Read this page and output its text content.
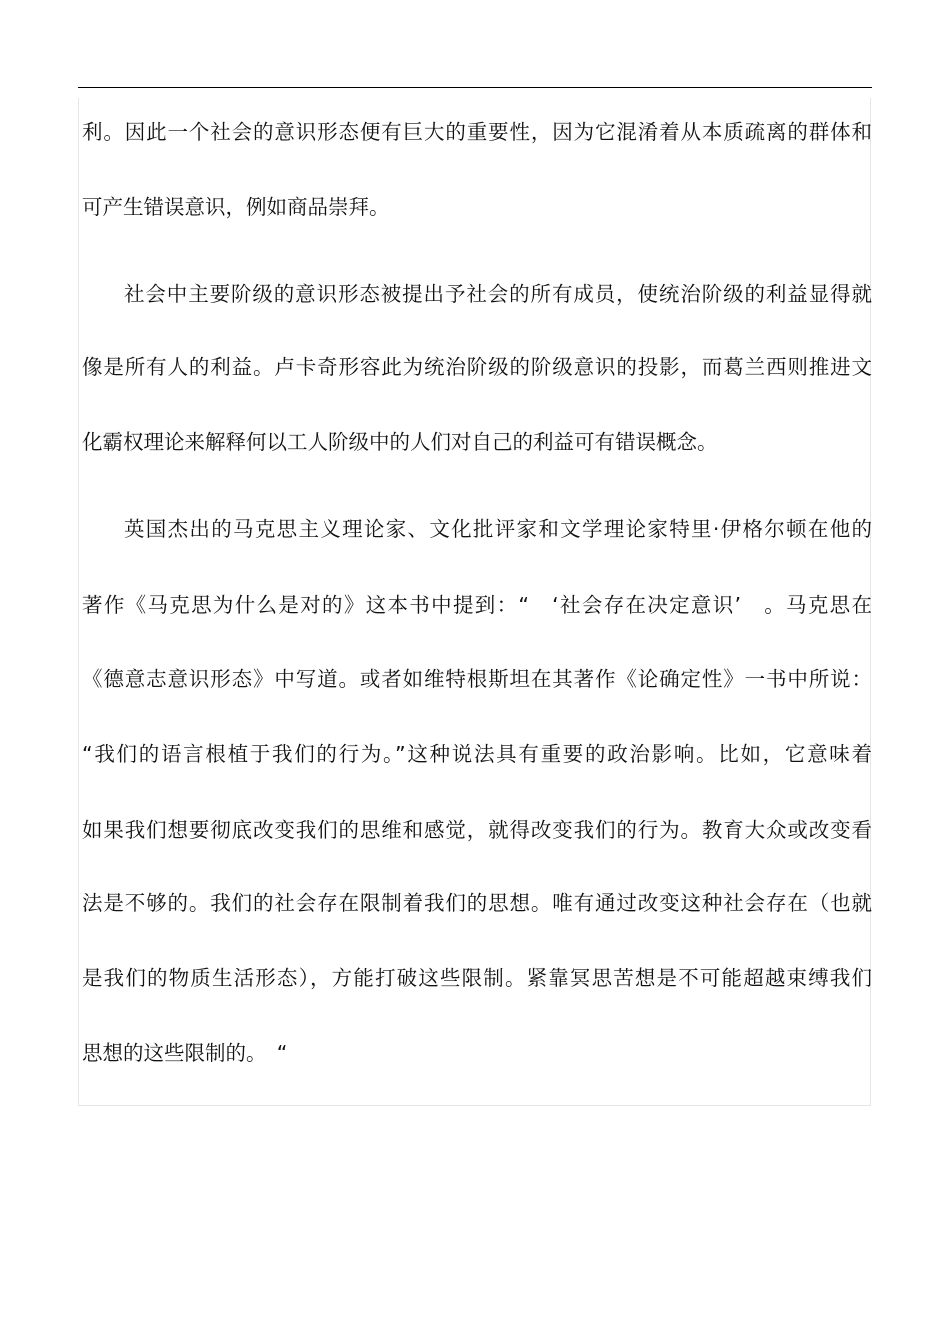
利。因此一个社会的意识形态便有巨大的重要性，因为它混淆着从本质疏离的群体和
可产生错误意识，例如商品崇拜。
社会中主要阶级的意识形态被提出予社会的所有成员，使统治阶级的利益显得就
像是所有人的利益。卢卡奇形容此为统治阶级的阶级意识的投影，而葛兰西则推进文
化霸权理论来解释何以工人阶级中的人们对自己的利益可有错误概念。
英国杰出的马克思主义理论家、文化批评家和文学理论家特里·伊格尔顿在他的
著作《马克思为什么是对的》这本书中提到：“　‘社会存在决定意识’　。马克思在
《德意志意识形态》中写道。或者如维特根斯坦在其著作《论确定性》一书中所说：
“我们的语言根植于我们的行为。”这种说法具有重要的政治影响。比如，它意味着
如果我们想要彻底改变我们的思维和感觉，就得改变我们的行为。教育大众或改变看
法是不够的。我们的社会存在限制着我们的思想。唯有通过改变这种社会存在（也就
是我们的物质生活形态），方能打破这些限制。紧靠冥思苦想是不可能超越束缚我们
思想的这些限制的。　“
